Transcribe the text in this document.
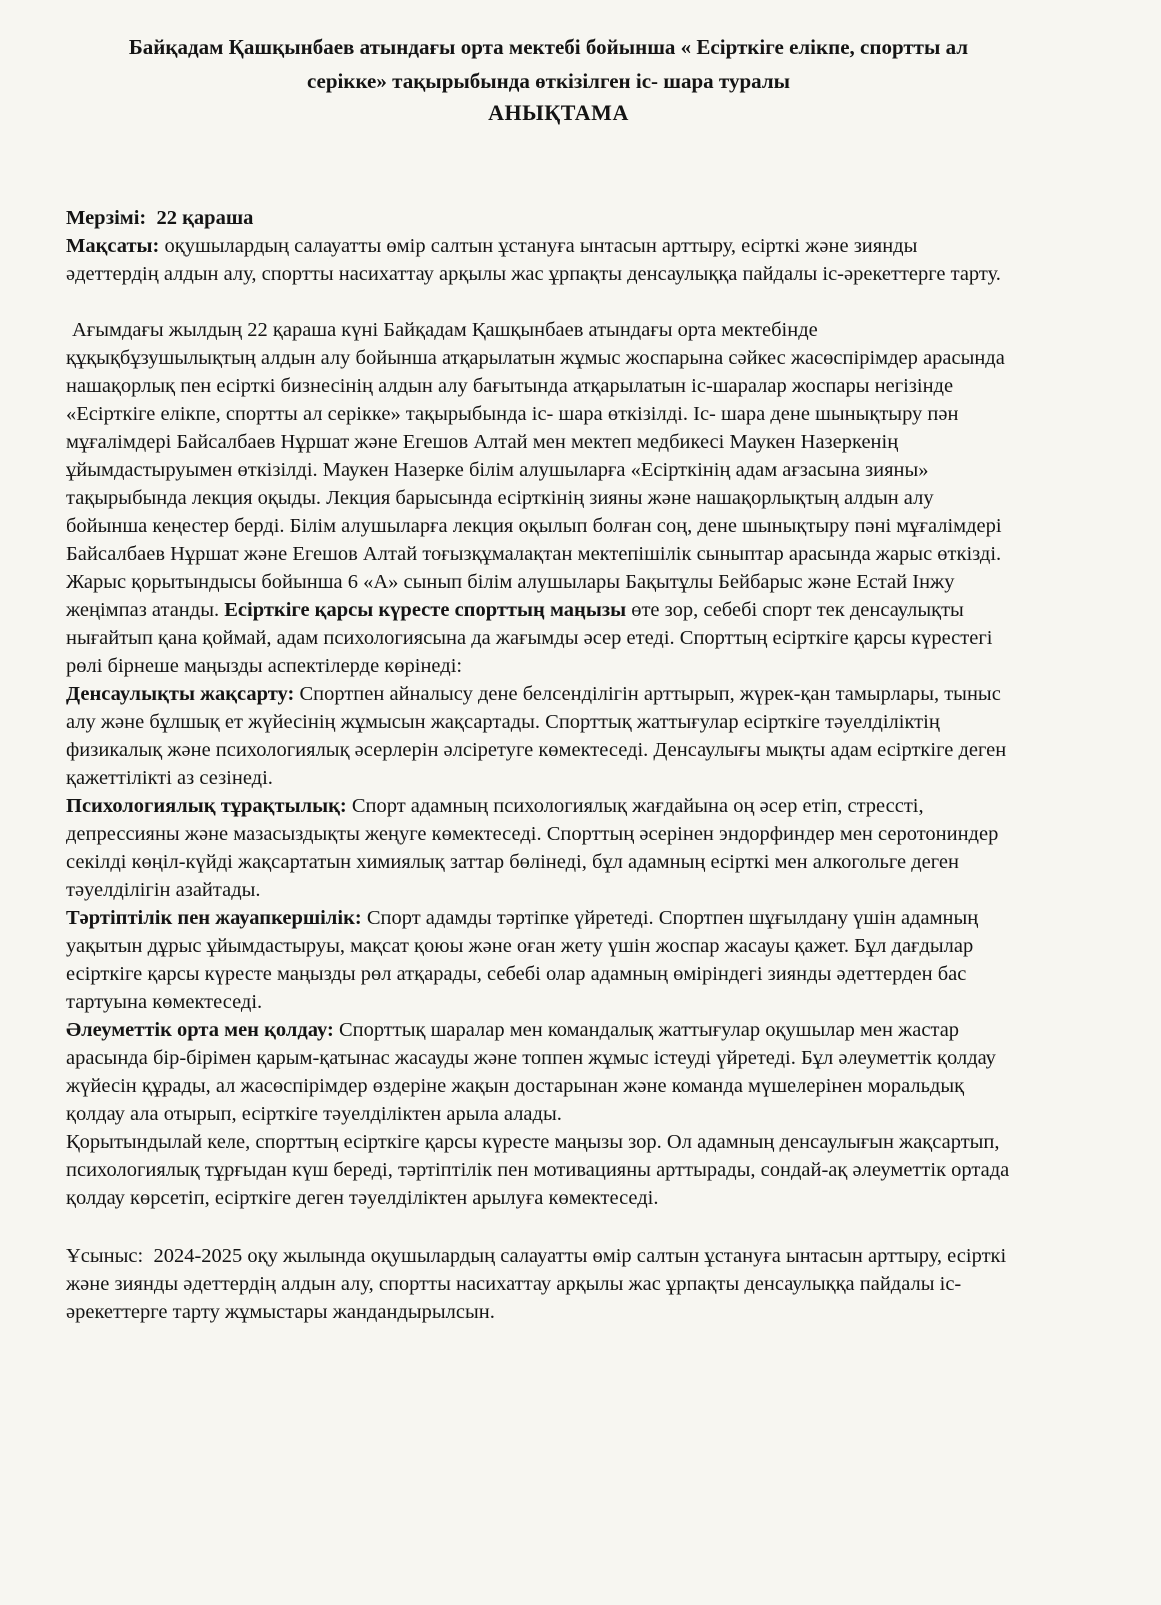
Байқадам Қашқынбаев атындағы орта мектебі бойынша « Есірткіге елікпе, спортты ал серікке» тақырыбында өткізілген іс- шара туралы
АНЫҚТАМА
Мерзімі: 22 қараша
Мақсаты: оқушылардың салауатты өмір салтын ұстануға ынтасын арттыру, есірткі және зиянды әдеттердің алдын алу, спортты насихаттау арқылы жас ұрпақты денсаулыққа пайдалы іс-әрекеттерге тарту.

Ағымдағы жылдың 22 қараша күні Байқадам Қашқынбаев атындағы орта мектебінде құқықбұзушылықтың алдын алу бойынша атқарылатын жұмыс жоспарына сәйкес жасөспірімдер арасында нашақорлық пен есірткі бизнесінің алдын алу бағытында атқарылатын іс-шаралар жоспары негізінде «Есірткіге елікпе, спортты ал серікке» тақырыбында іс- шара өткізілді. Іс- шара дене шынықтыру пән мұғалімдері Байсалбаев Нұршат және Егешов Алтай мен мектеп медбикесі Маукен Назеркенің ұйымдастыруымен өткізілді. Маукен Назерке білім алушыларға «Есірткінің адам ағзасына зияны» тақырыбында лекция оқыды. Лекция барысында есірткінің зияны және нашақорлықтың алдын алу бойынша кеңестер берді. Білім алушыларға лекция оқылып болған соң, дене шынықтыру пәні мұғалімдері Байсалбаев Нұршат және Егешов Алтай тоғызқұмалақтан мектепішілік сыныптар арасында жарыс өткізді. Жарыс қорытындысы бойынша 6 «А» сынып білім алушылары Бақытұлы Бейбарыс және Естай Інжу жеңімпаз атанды. Есірткіге қарсы күресте спорттың маңызы өте зор, себебі спорт тек денсаулықты нығайтып қана қоймай, адам психологиясына да жағымды әсер етеді. Спорттың есірткіге қарсы күрестегі рөлі бірнеше маңызды аспектілерде көрінеді:

Денсаулықты жақсарту: Спортпен айналысу дене белсенділігін арттырып, жүрек-қан тамырлары, тыныс алу және бұлшық ет жүйесінің жұмысын жақсартады. Спорттық жаттығулар есірткіге тәуелділіктің физикалық және психологиялық әсерлерін әлсіретуге көмектеседі. Денсаулығы мықты адам есірткіге деген қажеттілікті аз сезінеді.

Психологиялық тұрақтылық: Спорт адамның психологиялық жағдайына оң әсер етіп, стрессті, депрессияны және мазасыздықты жеңуге көмектеседі. Спорттың әсерінен эндорфиндер мен серотониндер секілді көңіл-күйді жақсартатын химиялық заттар бөлінеді, бұл адамның есірткі мен алкогольге деген тәуелділігін азайтады.

Тәртіптілік пен жауапкершілік: Спорт адамды тәртіпке үйретеді. Спортпен шұғылдану үшін адамның уақытын дұрыс ұйымдастыруы, мақсат қоюы және оған жету үшін жоспар жасауы қажет. Бұл дағдылар есірткіге қарсы күресте маңызды рөл атқарады, себебі олар адамның өміріндегі зиянды әдеттерден бас тартуына көмектеседі.

Әлеуметтік орта мен қолдау: Спорттық шаралар мен командалық жаттығулар оқушылар мен жастар арасында бір-бірімен қарым-қатынас жасауды және топпен жұмыс істеуді үйретеді. Бұл әлеуметтік қолдау жүйесін құрады, ал жасөспірімдер өздеріне жақын достарынан және команда мүшелерінен моральдық қолдау ала отырып, есірткіге тәуелділіктен арыла алады.

Қорытындылай келе, спорттың есірткіге қарсы күресте маңызы зор. Ол адамның денсаулығын жақсартып, психологиялық тұрғыдан күш береді, тәртіптілік пен мотивацияны арттырады, сондай-ақ әлеуметтік ортада қолдау көрсетіп, есірткіге деген тәуелділіктен арылуға көмектеседі.

Ұсыныс: 2024-2025 оқу жылында оқушылардың салауатты өмір салтын ұстануға ынтасын арттыру, есірткі және зиянды әдеттердің алдын алу, спортты насихаттау арқылы жас ұрпақты денсаулыққа пайдалы іс-әрекеттерге тарту жұмыстары жандандырылсын.
